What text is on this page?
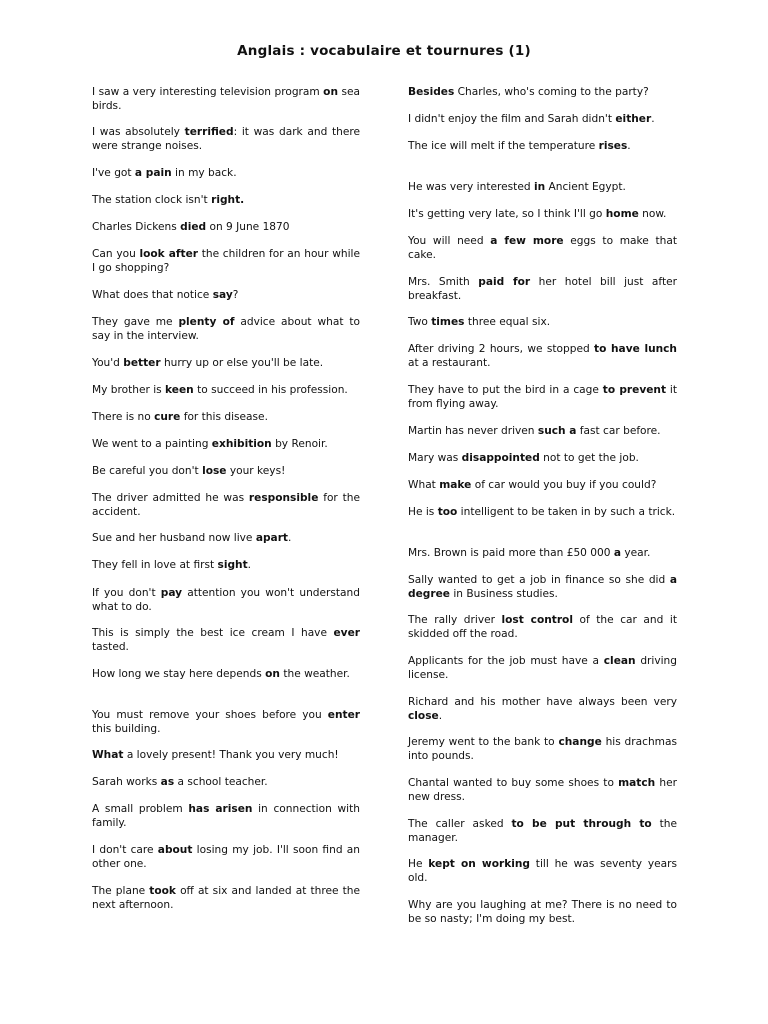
Anglais : vocabulaire et tournures (1)

I saw a very interesting television program on sea birds.

I was absolutely terrified: it was dark and there were strange noises.

I've got a pain in my back.

The station clock isn't right.

Charles Dickens died on 9 June 1870

Can you look after the children for an hour while I go shopping?

What does that notice say?

They gave me plenty of advice about what to say in the interview.

You'd better hurry up or else you'll be late.

My brother is keen to succeed in his profession.

There is no cure for this disease.

We went to a painting exhibition by Renoir.

Be careful you don't lose your keys!

The driver admitted he was responsible for the accident.

Sue and her husband now live apart.

They fell in love at first sight.

If you don't pay attention you won't understand what to do.

This is simply the best ice cream I have ever tasted.

How long we stay here depends on the weather.

You must remove your shoes before you enter this building.

What a lovely present! Thank you very much!

Sarah works as a school teacher.

A small problem has arisen in connection with family.

I don't care about losing my job. I'll soon find an other one.

The plane took off at six and landed at three the next afternoon.

Besides Charles, who's coming to the party?

I didn't enjoy the film and Sarah didn't either.

The ice will melt if the temperature rises.

He was very interested in Ancient Egypt.

It's getting very late, so I think I'll go home now.

You will need a few more eggs to make that cake.

Mrs. Smith paid for her hotel bill just after breakfast.

Two times three equal six.

After driving 2 hours, we stopped to have lunch at a restaurant.

They have to put the bird in a cage to prevent it from flying away.

Martin has never driven such a fast car before.

Mary was disappointed not to get the job.

What make of car would you buy if you could?

He is too intelligent to be taken in by such a trick.

Mrs. Brown is paid more than £50 000 a year.

Sally wanted to get a job in finance so she did a degree in Business studies.

The rally driver lost control of the car and it skidded off the road.

Applicants for the job must have a clean driving license.

Richard and his mother have always been very close.

Jeremy went to the bank to change his drachmas into pounds.

Chantal wanted to buy some shoes to match her new dress.

The caller asked to be put through to the manager.

He kept on working till he was seventy years old.

Why are you laughing at me? There is no need to be so nasty; I'm doing my best.
